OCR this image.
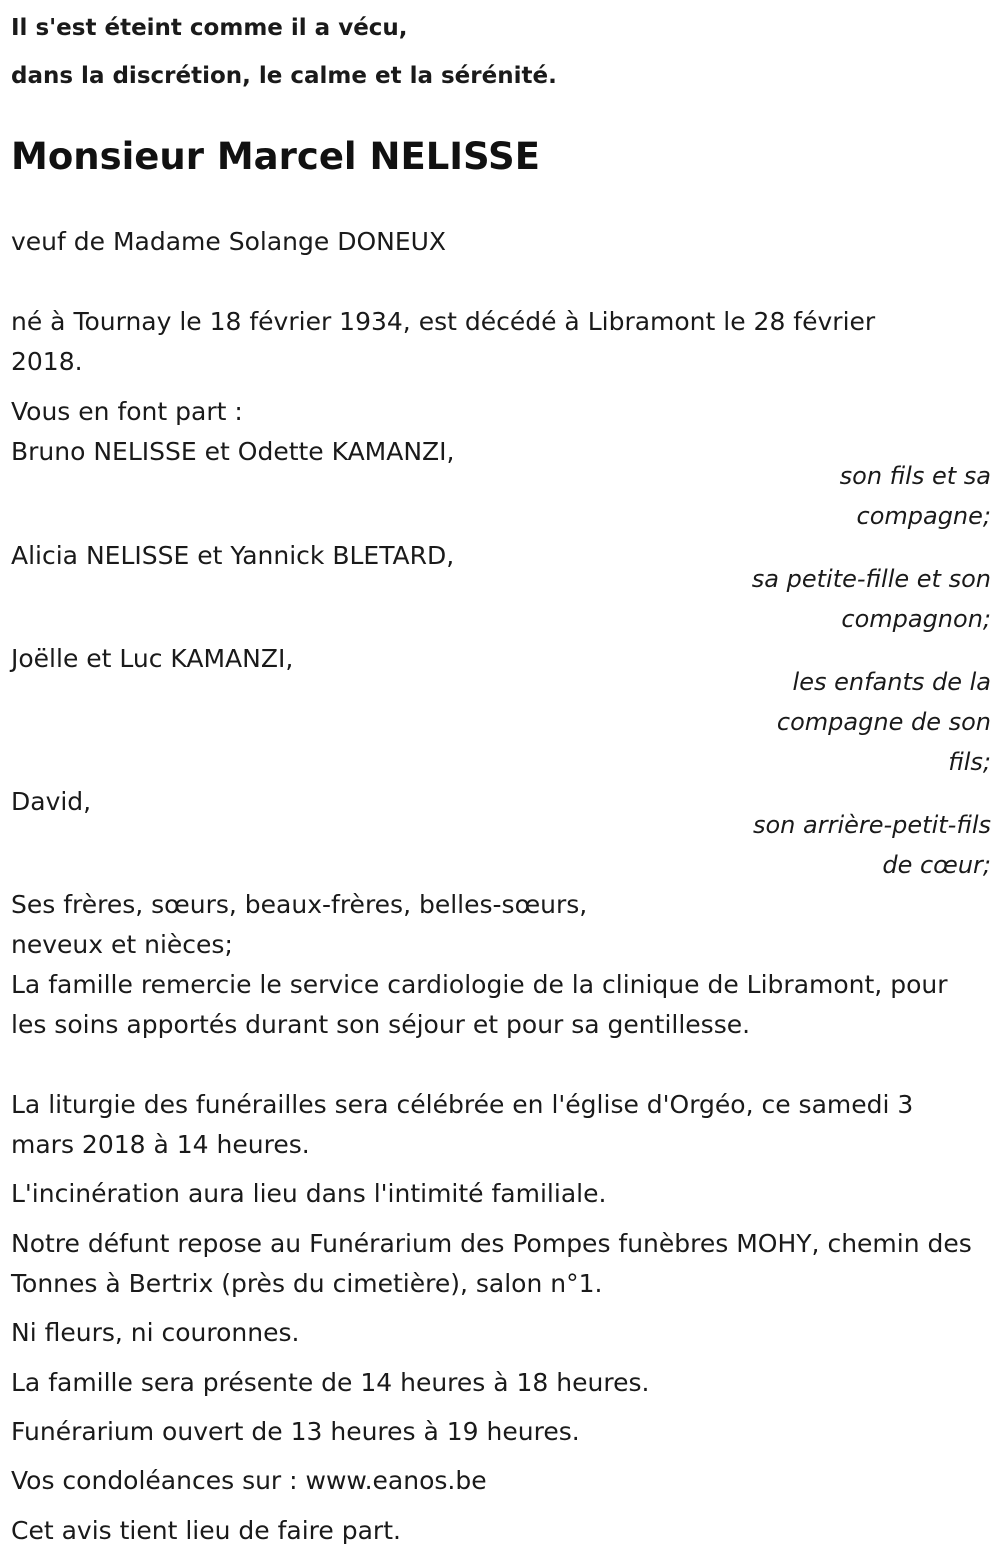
Il s'est éteint comme il a vécu,

dans la discrétion, le calme et la sérénité.

Monsieur Marcel NELISSE

veuf de Madame Solange DONEUX

né à Tournay le 18 février 1934, est décédé à Libramont le 28 février 2018.

Vous en font part :

Bruno NELISSE et Odette KAMANZI,

son fils et sa compagne;

Alicia NELISSE et Yannick BLETARD,

sa petite-fille et son compagnon;

Joëlle et Luc KAMANZI,

les enfants de la compagne de son fils;

David,

son arrière-petit-fils de cœur;

Ses frères, sœurs, beaux-frères, belles-sœurs,

neveux et nièces;

La famille remercie le service cardiologie de la clinique de Libramont, pour les soins apportés durant son séjour et pour sa gentillesse.

La liturgie des funérailles sera célébrée en l'église d'Orgéo, ce samedi 3 mars 2018 à 14 heures.

L'incinération aura lieu dans l'intimité familiale.

Notre défunt repose au Funérarium des Pompes funèbres MOHY, chemin des Tonnes à Bertrix (près du cimetière), salon n°1.

Ni fleurs, ni couronnes.

La famille sera présente de 14 heures à 18 heures.

Funérarium ouvert de 13 heures à 19 heures.

Vos condoléances sur : www.eanos.be

Cet avis tient lieu de faire part.
